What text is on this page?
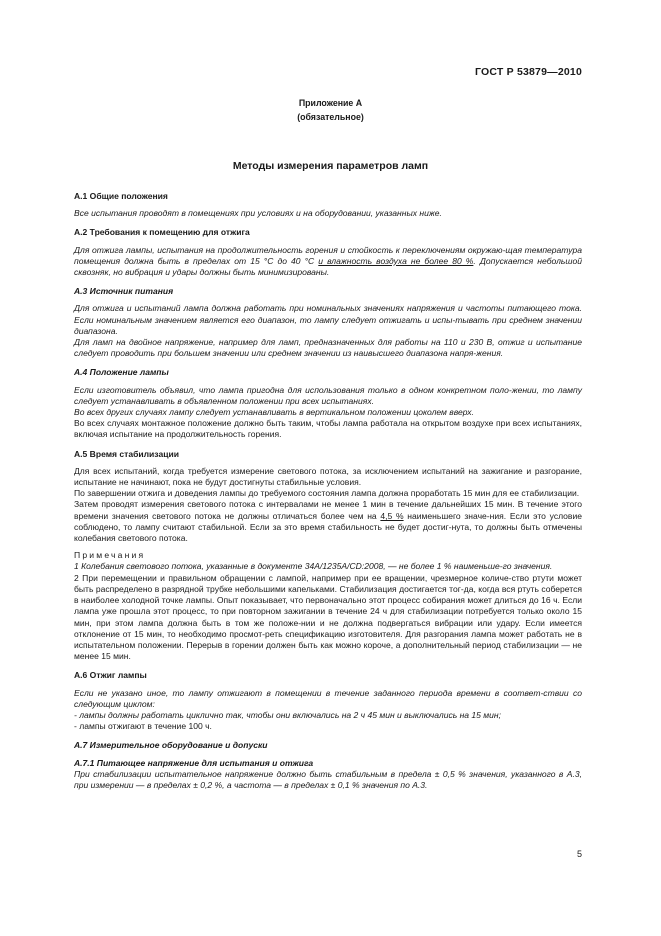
ГОСТ Р 53879—2010
Приложение А
(обязательное)
Методы измерения параметров ламп
А.1 Общие положения

Все испытания проводят в помещениях при условиях и на оборудовании, указанных ниже.

А.2 Требования к помещению для отжига

Для отжига лампы, испытания на продолжительность горения и стойкость к переключениям окружаю-щая температура помещения должна быть в пределах от 15 °С до 40 °С и влажность воздуха не более 80 %. Допускается небольшой сквозняк, но вибрация и удары должны быть минимизированы.

А.3 Источник питания

Для отжига и испытаний лампа должна работать при номинальных значениях напряжения и частоты питающего тока. Если номинальным значением является его диапазон, то лампу следует отжигать и испы-тывать при среднем значении диапазона.

Для ламп на двойное напряжение, например для ламп, предназначенных для работы на 110 и 230 В, отжиг и испытание следует проводить при большем значении или среднем значении из наивысшего диапазона напря-жения.

А.4 Положение лампы

Если изготовитель объявил, что лампа пригодна для использования только в одном конкретном поло-жении, то лампу следует устанавливать в объявленном положении при всех испытаниях.

Во всех других случаях лампу следует устанавливать в вертикальном положении цоколем вверх.

Во всех случаях монтажное положение должно быть таким, чтобы лампа работала на открытом воздухе при всех испытаниях, включая испытание на продолжительность горения.

А.5 Время стабилизации

Для всех испытаний, когда требуется измерение светового потока, за исключением испытаний на зажигание и разгорание, испытание не начинают, пока не будут достигнуты стабильные условия.

По завершении отжига и доведения лампы до требуемого состояния лампа должна проработать 15 мин для ее стабилизации.

Затем проводят измерения светового потока с интервалами не менее 1 мин в течение дальнейших 15 мин. В течение этого времени значения светового потока не должны отличаться более чем на 4,5 % наименьшего значе-ния. Если это условие соблюдено, то лампу считают стабильной. Если за это время стабильность не будет достиг-нута, то должны быть отмечены колебания светового потока.

Примечания

1 Колебания светового потока, указанные в документе 34А/1235А/CD:2008, — не более 1 % наименьше-го значения.

2 При перемещении и правильном обращении с лампой, например при ее вращении, чрезмерное количе-ство ртути может быть распределено в разрядной трубке небольшими капельками. Стабилизация достигается тог-да, когда вся ртуть соберется в наиболее холодной точке лампы. Опыт показывает, что первоначально этот процесс собирания может длиться до 16 ч. Если лампа уже прошла этот процесс, то при повторном зажигании в течение 24 ч для стабилизации потребуется только около 15 мин, при этом лампа должна быть в том же положе-нии и не должна подвергаться вибрации или удару. Если имеется отклонение от 15 мин, то необходимо просмот-реть спецификацию изготовителя. Для разгорания лампа может работать не в испытательном положении. Перерыв в горении должен быть как можно короче, а дополнительный период стабилизации — не менее 15 мин.

А.6 Отжиг лампы

Если не указано иное, то лампу отжигают в помещении в течение заданного периода времени в соответ-ствии со следующим циклом:

- лампы должны работать циклично так, чтобы они включались на 2 ч 45 мин и выключались на 15 мин;

- лампы отжигают в течение 100 ч.

А.7 Измерительное оборудование и допуски
А.7.1 Питающее напряжение для испытания и отжига

При стабилизации испытательное напряжение должно быть стабильным в предела ± 0,5 % значения, указанного в А.3, при измерении — в пределах ± 0,2 %, а частота — в пределах ± 0,1 % значения по А.3.

5
